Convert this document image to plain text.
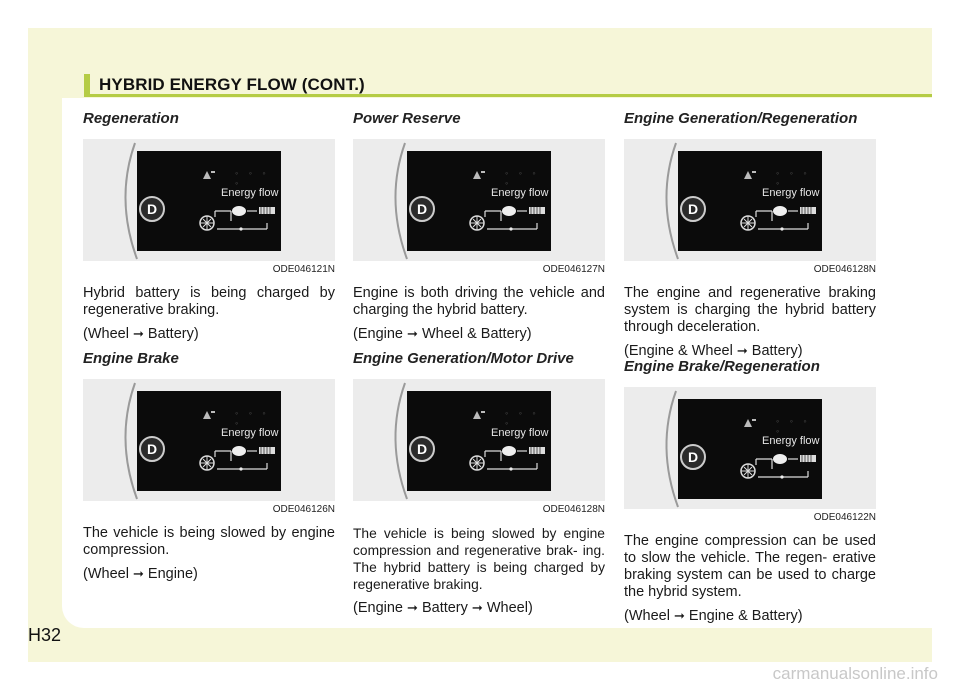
HYBRID ENERGY FLOW (CONT.)

Regeneration

◦ ◦ ◦ ◦
Energy flow
D
ODE046121N

Hybrid battery is being charged by regenerative braking.

(Wheel ➞ Battery)

Engine Brake

◦ ◦ ◦ ◦
Energy flow
D
ODE046126N

The vehicle is being slowed by engine compression.

(Wheel ➞ Engine)

Power Reserve

◦ ◦ ◦ ◦
Energy flow
D
ODE046127N

Engine is both driving the vehicle and charging the hybrid battery.

(Engine ➞ Wheel & Battery)

Engine Generation/Motor Drive

◦ ◦ ◦ ◦
Energy flow
D
ODE046128N

The vehicle is being slowed by engine compression and regenerative brak- ing. The hybrid battery is being charged by regenerative braking.

(Engine ➞ Battery ➞ Wheel)

Engine Generation/Regeneration

◦ ◦ ◦ ◦
Energy flow
D
ODE046128N

The engine and regenerative braking system is charging the hybrid battery through deceleration.

(Engine & Wheel ➞ Battery)

Engine Brake/Regeneration

◦ ◦ ◦ ◦
Energy flow
D
ODE046122N

The engine compression can be used to slow the vehicle. The regen- erative braking system can be used to charge the hybrid system.

(Wheel ➞ Engine & Battery)

H32
carmanualsonline.info
